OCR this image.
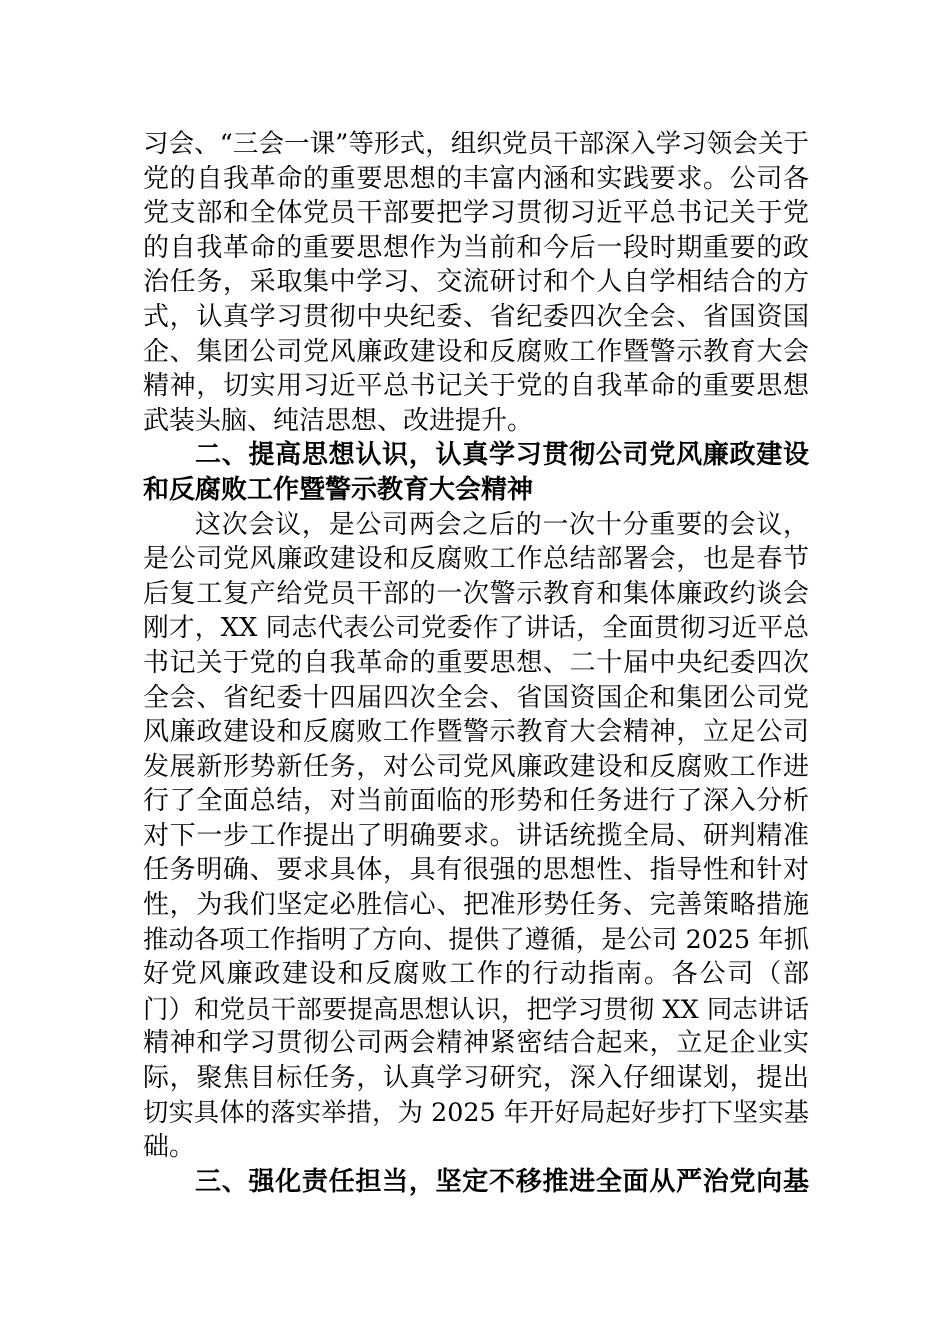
习会、“三会一课”等形式，组织党员干部深入学习领会关于
党的自我革命的重要思想的丰富内涵和实践要求。公司各
党支部和全体党员干部要把学习贯彻习近平总书记关于党
的自我革命的重要思想作为当前和今后一段时期重要的政
治任务，采取集中学习、交流研讨和个人自学相结合的方
式，认真学习贯彻中央纪委、省纪委四次全会、省国资国
企、集团公司党风廉政建设和反腐败工作暨警示教育大会
精神，切实用习近平总书记关于党的自我革命的重要思想
武装头脑、纯洁思想、改进提升。
二、提高思想认识，认真学习贯彻公司党风廉政建设
和反腐败工作暨警示教育大会精神
这次会议，是公司两会之后的一次十分重要的会议，
是公司党风廉政建设和反腐败工作总结部署会，也是春节
后复工复产给党员干部的一次警示教育和集体廉政约谈会
刚才，XX 同志代表公司党委作了讲话，全面贯彻习近平总
书记关于党的自我革命的重要思想、二十届中央纪委四次
全会、省纪委十四届四次全会、省国资国企和集团公司党
风廉政建设和反腐败工作暨警示教育大会精神，立足公司
发展新形势新任务，对公司党风廉政建设和反腐败工作进
行了全面总结，对当前面临的形势和任务进行了深入分析
对下一步工作提出了明确要求。讲话统揽全局、研判精准
任务明确、要求具体，具有很强的思想性、指导性和针对
性，为我们坚定必胜信心、把准形势任务、完善策略措施
推动各项工作指明了方向、提供了遵循，是公司 2025 年抓
好党风廉政建设和反腐败工作的行动指南。各公司（部
门）和党员干部要提高思想认识，把学习贯彻 XX 同志讲话
精神和学习贯彻公司两会精神紧密结合起来，立足企业实
际，聚焦目标任务，认真学习研究，深入仔细谋划，提出
切实具体的落实举措，为 2025 年开好局起好步打下坚实基
础。
三、强化责任担当，坚定不移推进全面从严治党向基
